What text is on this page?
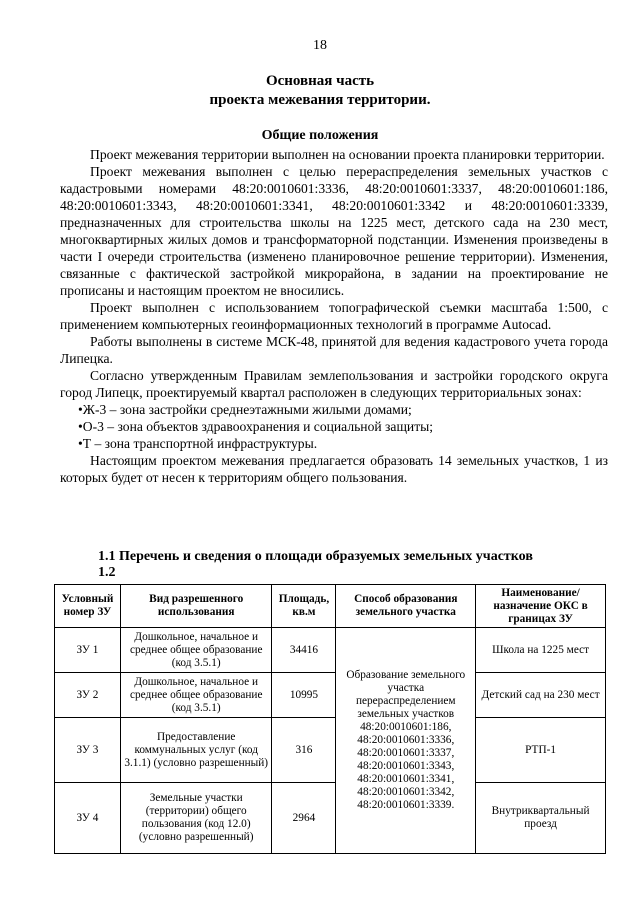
18
Основная часть
проекта межевания территории.
Общие положения

Проект межевания территории выполнен на основании проекта планировки территории.

Проект межевания выполнен с целью перераспределения земельных участков с кадастровыми номерами 48:20:0010601:3336, 48:20:0010601:3337, 48:20:0010601:186, 48:20:0010601:3343, 48:20:0010601:3341, 48:20:0010601:3342 и 48:20:0010601:3339, предназначенных для строительства школы на 1225 мест, детского сада на 230 мест, многоквартирных жилых домов и трансформаторной подстанции. Изменения произведены в части I очереди строительства (изменено планировочное решение территории). Изменения, связанные с фактической застройкой микрорайона, в задании на проектирование не прописаны и настоящим проектом не вносились.

Проект выполнен с использованием топографической съемки масштаба 1:500, с применением компьютерных геоинформационных технологий в программе Autocad.

Работы выполнены в системе МСК-48, принятой для ведения кадастрового учета города Липецка.

Согласно утвержденным Правилам землепользования и застройки городского округа город Липецк, проектируемый квартал расположен в следующих территориальных зонах:

•Ж-3 – зона застройки среднеэтажными жилыми домами;

•О-3 – зона объектов здравоохранения и социальной защиты;

•Т – зона транспортной инфраструктуры.

Настоящим проектом межевания предлагается образовать 14 земельных участков, 1 из которых будет от несен к территориям общего пользования.

1.1 Перечень и сведения о площади образуемых земельных участков
1.2
Условный номер ЗУ	Вид разрешенного использования	Площадь, кв.м	Способ образования земельного участка	Наименование/ назначение ОКС в границах ЗУ
ЗУ 1	Дошкольное, начальное и среднее общее образование (код 3.5.1)	34416	Образование земельного участка перераспределением земельных участков 48:20:0010601:186, 48:20:0010601:3336, 48:20:0010601:3337, 48:20:0010601:3343, 48:20:0010601:3341, 48:20:0010601:3342, 48:20:0010601:3339.	Школа на 1225 мест
ЗУ 2	Дошкольное, начальное и среднее общее образование (код 3.5.1)	10995		Детский сад на 230 мест
ЗУ 3	Предоставление коммунальных услуг (код 3.1.1) (условно разрешенный)	316		РТП-1
ЗУ 4	Земельные участки (территории) общего пользования (код 12.0) (условно разрешенный)	2964		Внутриквартальный проезд
